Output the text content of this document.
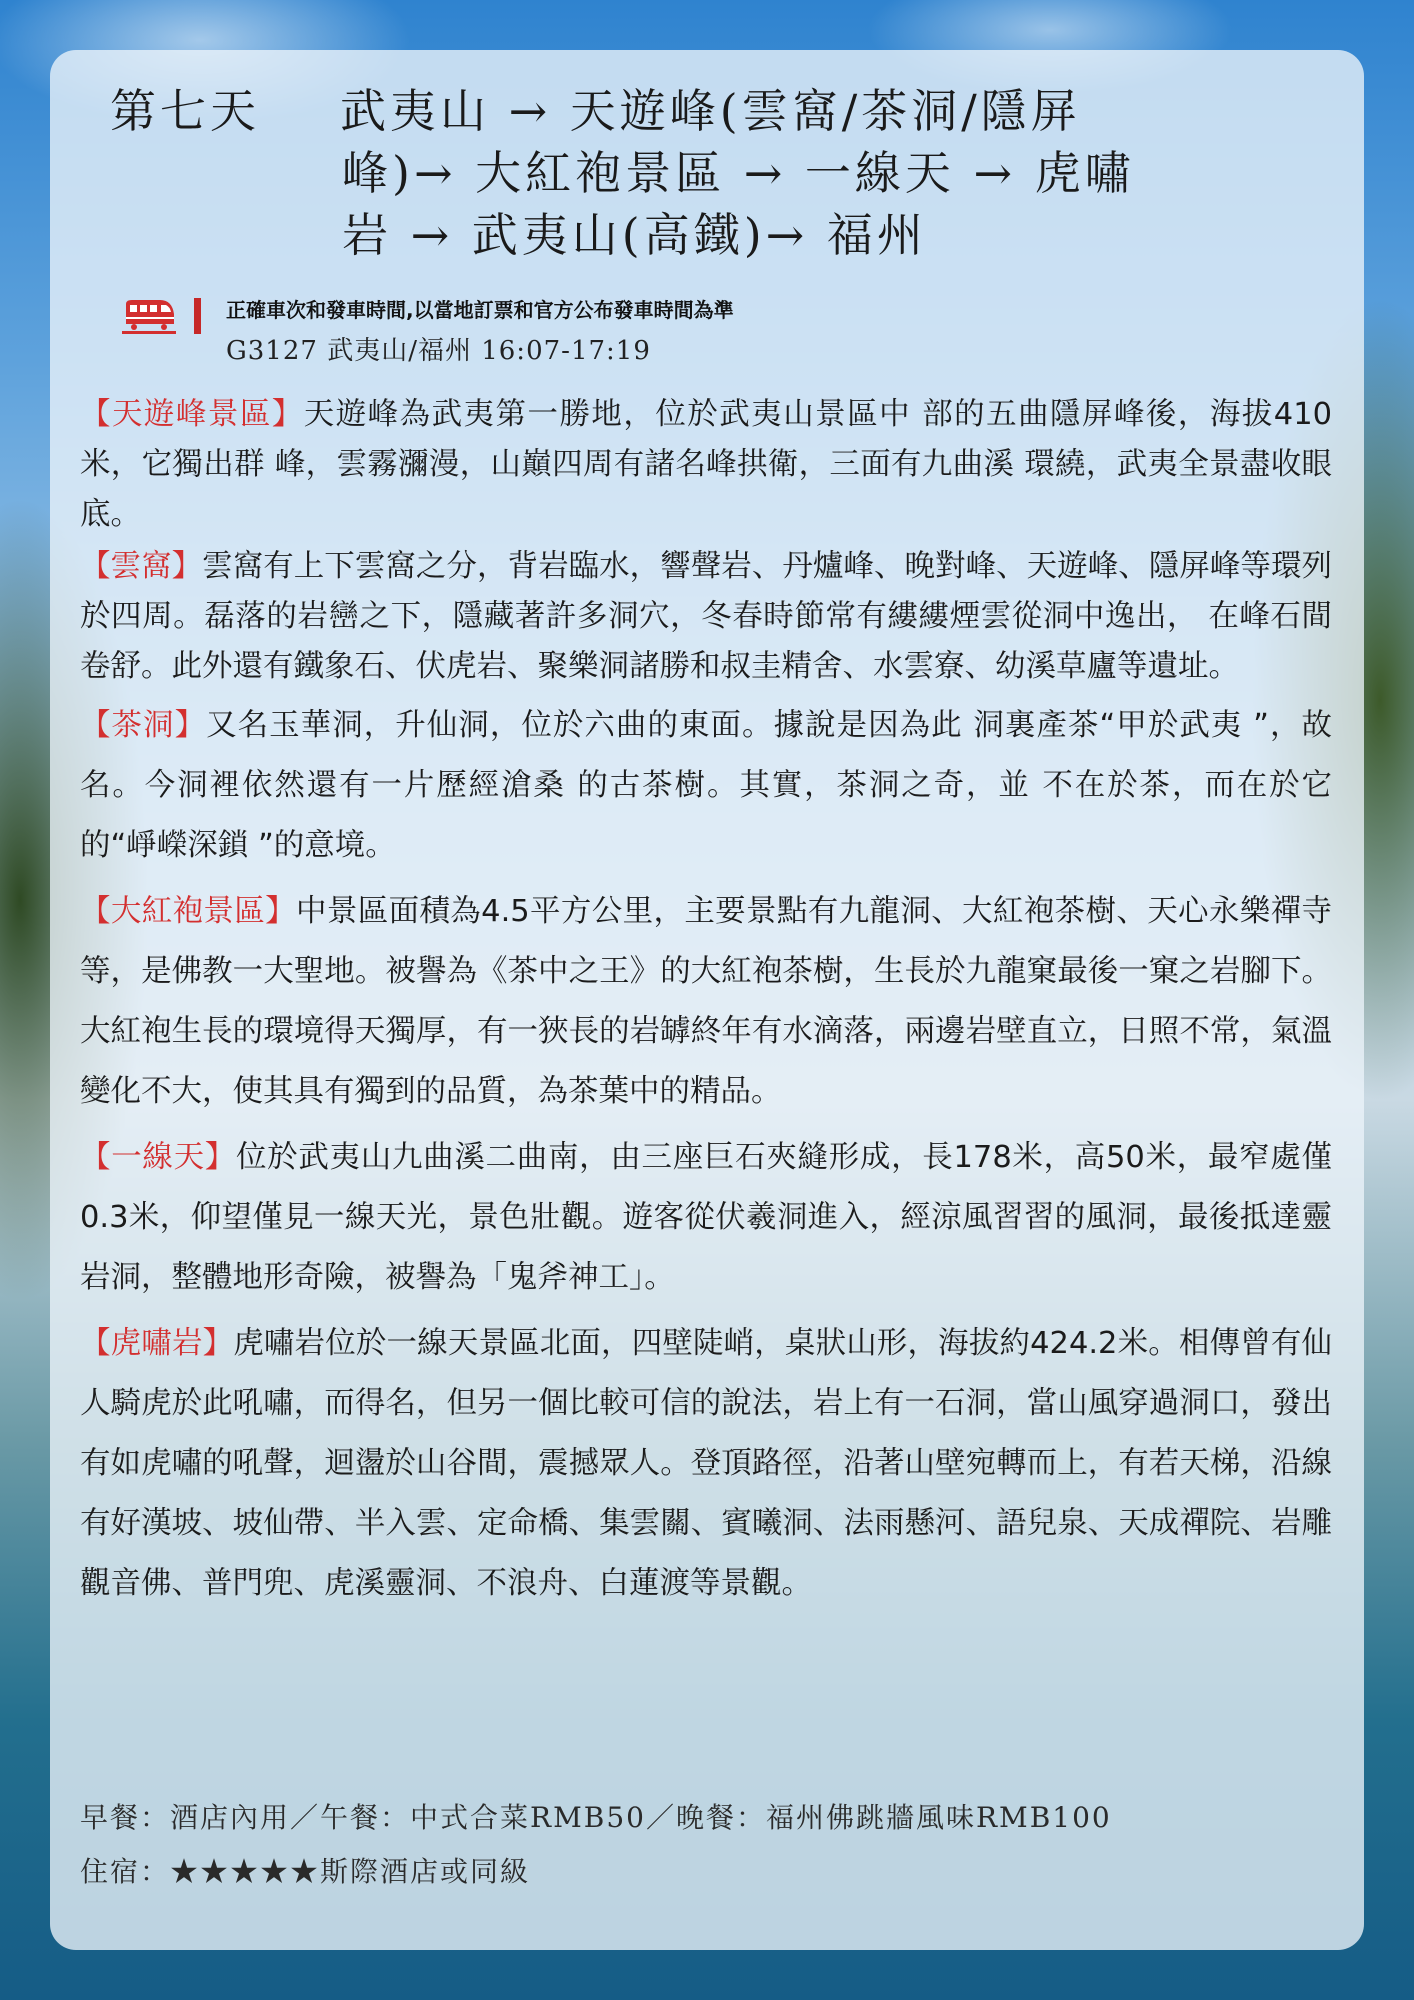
第七天	武夷山 → 天遊峰(雲窩/茶洞/隱屏
峰)→ 大紅袍景區 → 一線天 → 虎嘯
岩 → 武夷山(高鐵)→ 福州
正確車次和發車時間,以當地訂票和官方公布發車時間為準
G3127 武夷山/福州 16:07-17:19

【天遊峰景區】天遊峰為武夷第一勝地，位於武夷山景區中 部的五曲隱屏峰後，海拔410米，它獨出群 峰，雲霧瀰漫，山巔四周有諸名峰拱衛，三面有九曲溪 環繞，武夷全景盡收眼底。

【雲窩】雲窩有上下雲窩之分，背岩臨水，響聲岩、丹爐峰、晚對峰、天遊峰、隱屏峰等環列於四周。磊落的岩巒之下，隱藏著許多洞穴，冬春時節常有縷縷煙雲從洞中逸出， 在峰石間卷舒。此外還有鐵象石、伏虎岩、聚樂洞諸勝和叔圭精舍、水雲寮、幼溪草廬等遺址。

【茶洞】又名玉華洞，升仙洞，位於六曲的東面。據說是因為此 洞裏產茶“甲於武夷 ”，故名。今洞裡依然還有一片歷經滄桑 的古茶樹。其實，茶洞之奇，並 不在於茶，而在於它的“崢嶸深鎖 ”的意境。

【大紅袍景區】中景區面積為4.5平方公里，主要景點有九龍洞、大紅袍茶樹、天心永樂禪寺等，是佛教一大聖地。被譽為《茶中之王》的大紅袍茶樹，生長於九龍窠最後一窠之岩腳下。大紅袍生長的環境得天獨厚，有一狹長的岩罅終年有水滴落，兩邊岩壁直立，日照不常，氣溫變化不大，使其具有獨到的品質，為茶葉中的精品。

【一線天】位於武夷山九曲溪二曲南，由三座巨石夾縫形成，長178米，高50米，最窄處僅0.3米，仰望僅見一線天光，景色壯觀。遊客從伏羲洞進入，經涼風習習的風洞，最後抵達靈岩洞，整體地形奇險，被譽為「鬼斧神工」。

【虎嘯岩】虎嘯岩位於一線天景區北面，四壁陡峭，桌狀山形，海拔約424.2米。相傳曾有仙人騎虎於此吼嘯，而得名，但另一個比較可信的說法，岩上有一石洞，當山風穿過洞口，發出有如虎嘯的吼聲，迴盪於山谷間，震撼眾人。登頂路徑，沿著山壁宛轉而上，有若天梯，沿線有好漢坡、坡仙帶、半入雲、定命橋、集雲關、賓曦洞、法雨懸河、語兒泉、天成禪院、岩雕觀音佛、普門兜、虎溪靈洞、不浪舟、白蓮渡等景觀。

早餐：酒店內用／午餐：中式合菜RMB50／晚餐：福州佛跳牆風味RMB100
住宿：★★★★★斯際酒店或同級
